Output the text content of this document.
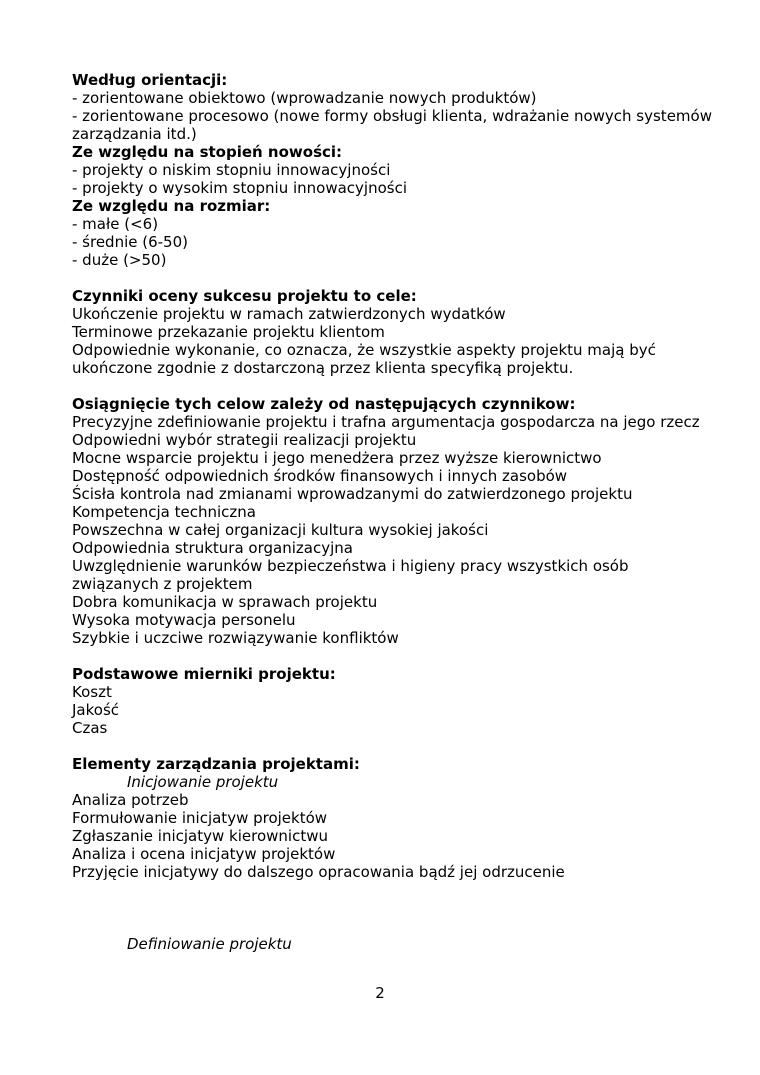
Według orientacji:
- zorientowane obiektowo (wprowadzanie nowych produktów)
- zorientowane procesowo (nowe formy obsługi klienta, wdrażanie nowych systemów zarządzania itd.)
Ze względu na stopień nowości:
- projekty o niskim stopniu innowacyjności
- projekty o wysokim stopniu innowacyjności
Ze względu na rozmiar:
- małe (<6)
- średnie (6-50)
- duże (>50)
Czynniki oceny sukcesu projektu to cele:
Ukończenie projektu w ramach zatwierdzonych wydatków
Terminowe przekazanie projektu klientom
Odpowiednie wykonanie, co oznacza, że wszystkie aspekty projektu mają być ukończone zgodnie z dostarczoną przez klienta specyfiką projektu.
Osiągnięcie tych celow zależy od następujących czynnikow:
Precyzyjne zdefiniowanie projektu i trafna argumentacja gospodarcza na jego rzecz
Odpowiedni wybór strategii realizacji projektu
Mocne wsparcie projektu i jego menedżera przez wyższe kierownictwo
Dostępność odpowiednich środków finansowych i innych zasobów
Ścisła kontrola nad zmianami wprowadzanymi do zatwierdzonego projektu
Kompetencja techniczna
Powszechna w całej organizacji kultura wysokiej jakości
Odpowiednia struktura organizacyjna
Uwzględnienie warunków bezpieczeństwa i higieny pracy wszystkich osób związanych z projektem
Dobra komunikacja w sprawach projektu
Wysoka motywacja personelu
Szybkie i uczciwe rozwiązywanie konfliktów
Podstawowe mierniki projektu:
Koszt
Jakość
Czas
Elementy zarządzania projektami:
Inicjowanie projektu
Analiza potrzeb
Formułowanie inicjatyw projektów
Zgłaszanie inicjatyw kierownictwu
Analiza i ocena inicjatyw projektów
Przyjęcie inicjatywy do dalszego opracowania bądź jej odrzucenie
Definiowanie projektu
2
